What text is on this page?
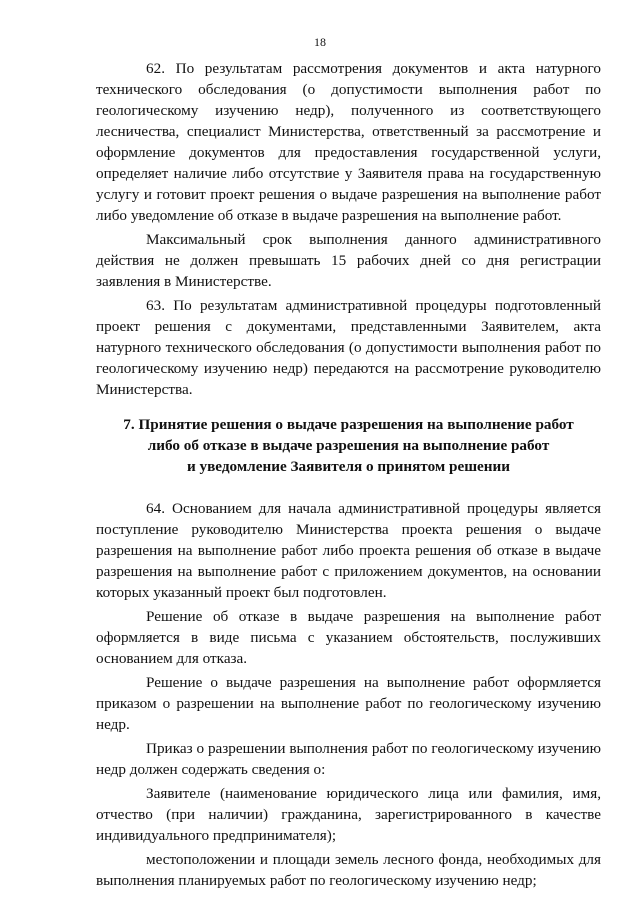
18

62. По результатам рассмотрения документов и акта натурного технического обследования (о допустимости выполнения работ по геологическому изучению недр), полученного из соответствующего лесничества, специалист Министерства, ответственный за рассмотрение и оформление документов для предоставления государственной услуги, определяет наличие либо отсутствие у Заявителя права на государственную услугу и готовит проект решения о выдаче разрешения на выполнение работ либо уведомление об отказе в выдаче разрешения на выполнение работ.

Максимальный срок выполнения данного административного действия не должен превышать 15 рабочих дней со дня регистрации заявления в Министерстве.

63. По результатам административной процедуры подготовленный проект решения с документами, представленными Заявителем, акта натурного технического обследования (о допустимости выполнения работ по геологическому изучению недр) передаются на рассмотрение руководителю Министерства.

7. Принятие решения о выдаче разрешения на выполнение работ
либо об отказе в выдаче разрешения на выполнение работ
и уведомление Заявителя о принятом решении

64. Основанием для начала административной процедуры является поступление руководителю Министерства проекта решения о выдаче разрешения на выполнение работ либо проекта решения об отказе в выдаче разрешения на выполнение работ с приложением документов, на основании которых указанный проект был подготовлен.

Решение об отказе в выдаче разрешения на выполнение работ оформляется в виде письма с указанием обстоятельств, послуживших основанием для отказа.

Решение о выдаче разрешения на выполнение работ оформляется приказом о разрешении на выполнение работ по геологическому изучению недр.

Приказ о разрешении выполнения работ по геологическому изучению недр должен содержать сведения о:

Заявителе (наименование юридического лица или фамилия, имя, отчество (при наличии) гражданина, зарегистрированного в качестве индивидуального предпринимателя);

местоположении и площади земель лесного фонда, необходимых для выполнения планируемых работ по геологическому изучению недр;
